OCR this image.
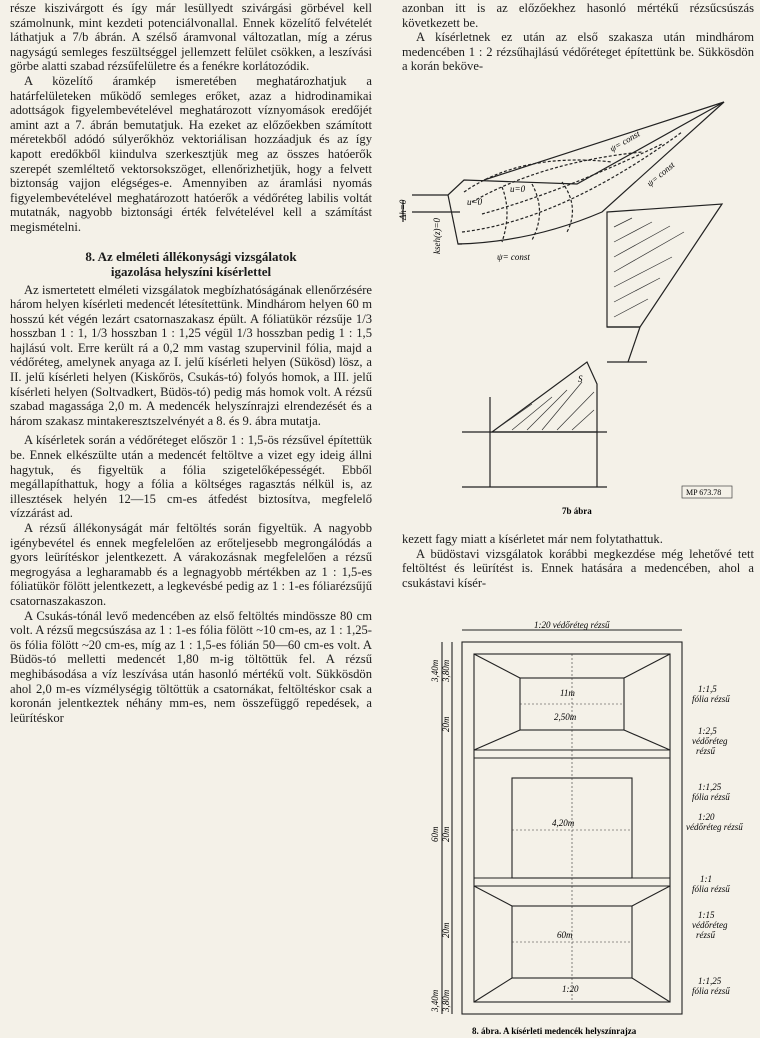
része kiszivárgott és így már lesüllyedt szivárgási görbével kell számolnunk, mint kezdeti potenciálvonallal. Ennek közelítő felvételét láthatjuk a 7/b ábrán. A szélső áramvonal változatlan, míg a zérus nagyságú semleges feszültséggel jellemzett felület csökken, a leszívási görbe alatti szabad rézsűfelületre és a fenékre korlátozódik.

A közelítő áramkép ismeretében meghatározhatjuk a határfelületeken működő semleges erőket, azaz a hidrodinamikai adottságok figyelembevételével meghatározott víznyomások eredőjét amint azt a 7. ábrán bemutatjuk. Ha ezeket az előzőekben számított méretekből adódó súlyerőkhöz vektoriálisan hozzáadjuk és az így kapott eredőkből kiindulva szerkesztjük meg az összes hatóerők szerepét szemléltető vektorsokszöget, ellenőrizhetjük, hogy a felvett biztonság vajjon elégséges-e. Amennyiben az áramlási nyomás figyelembevételével meghatározott hatóerők a védőréteg labilis voltát mutatnák, nagyobb biztonsági érték felvételével kell a számítást megismételni.

8. Az elméleti állékonysági vizsgálatok
igazolása helyszíni kísérlettel

Az ismertetett elméleti vizsgálatok megbízhatóságának ellenőrzésére három helyen kísérleti medencét létesítettünk. Mindhárom helyen 60 m hosszú két végén lezárt csatornaszakasz épült. A fóliatükör rézsűje 1/3 hosszban 1 : 1, 1/3 hosszban 1 : 1,25 végül 1/3 hosszban pedig 1 : 1,5 hajlású volt. Erre került rá a 0,2 mm vastag szupervinil fólia, majd a védőréteg, amelynek anyaga az I. jelű kísérleti helyen (Sükösd) lösz, a II. jelű kísérleti helyen (Kiskőrös, Csukás-tó) folyós homok, a III. jelű kísérleti helyen (Soltvadkert, Büdös-tó) pedig más homok volt. A rézsű szabad magassága 2,0 m. A medencék helyszínrajzi elrendezését és a három szakasz mintakeresztszelvényét a 8. és 9. ábra mutatja.

A kísérletek során a védőréteget először 1 : 1,5-ös rézsűvel építettük be. Ennek elkészülte után a medencét feltöltve a vizet egy ideig állni hagytuk, és figyeltük a fólia szigetelőképességét. Ebből megállapíthattuk, hogy a fólia a költséges ragasztás nélkül is, az illesztések helyén 12—15 cm-es átfedést biztosítva, megfelelő vízzárást ad.

A rézsű állékonyságát már feltöltés során figyeltük. A nagyobb igénybevétel és ennek megfelelően az erőteljesebb megrongálódás a gyors leürítéskor jelentkezett. A várakozásnak megfelelően a rézsű megrogyása a legharamabb és a legnagyobb mértékben az 1 : 1,5-es fóliatükör fölött jelentkezett, a legkevésbé pedig az 1 : 1-es fóliarézsűjű csatornaszakaszon.

A Csukás-tónál levő medencében az első feltöltés mindössze 80 cm volt. A rézsű megcsúszása az 1 : 1-es fólia fölött ~10 cm-es, az 1 : 1,25-ös fólia fölött ~20 cm-es, míg az 1 : 1,5-es fólián 50—60 cm-es volt. A Büdös-tó melletti medencét 1,80 m-ig töltöttük fel. A rézsű meghibásodása a víz leszívása után hasonló mértékű volt. Sükkösdön ahol 2,0 m-es vízmélységig töltöttük a csatornákat, feltöltéskor csak a koronán jelentkeztek néhány mm-es, nem összefüggő repedések, a leürítéskor

azonban itt is az előzőekhez hasonló mértékű rézsűcsúszás következett be.

A kísérletnek ez után az első szakasza után mindhárom medencében 1 : 2 rézsűhajlású védőréteget építettünk be. Sükkösdön a korán beköve-

kezett fagy miatt a kísérletet már nem folytathattuk.

A büdöstavi vizsgálatok korábbi megkezdése még lehetővé tett feltöltést és leürítést is. Ennek hatására a medencében, ahol a csukástavi kísér-

ψ= const
ψ= const
ψ= const
u=0
u=0
Δh=0
kseh(z)=0
S
MP 673.78
7b ábra
1:20 védőréteg rézsű
11m
2,50m
4,20m
60m
1:20
1:1,5
fólia rézsű
1:2,5
védőréteg
rézsű
1:1,25
fólia rézsű
1:20
védőréteg rézsű
1:1
fólia rézsű
1:15
védőréteg
rézsű
1:1,25
fólia rézsű
3,40m 3,80m
20m
60m 20m
20m
3,40m 3,80m
8. ábra. A kísérleti medencék helyszínrajza
